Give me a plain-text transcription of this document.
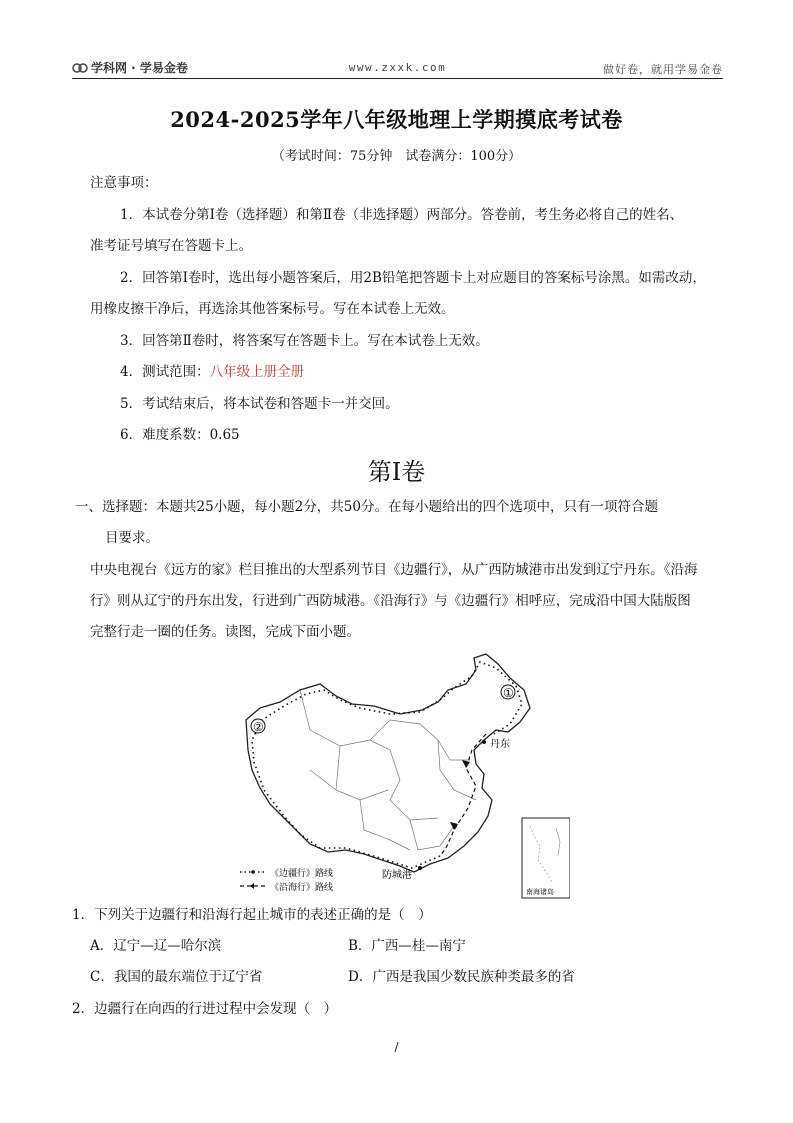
学科网 · 学易金卷	www.zxxk.com	做好卷，就用学易金卷
2024-2025学年八年级地理上学期摸底考试卷
（考试时间：75分钟　试卷满分：100分）
注意事项：
1．本试卷分第Ⅰ卷（选择题）和第Ⅱ卷（非选择题）两部分。答卷前，考生务必将自己的姓名、
准考证号填写在答题卡上。
2．回答第Ⅰ卷时，选出每小题答案后，用2B铅笔把答题卡上对应题目的答案标号涂黑。如需改动，
用橡皮擦干净后，再选涂其他答案标号。写在本试卷上无效。
3．回答第Ⅱ卷时，将答案写在答题卡上。写在本试卷上无效。
4．测试范围：八年级上册全册
5．考试结束后，将本试卷和答题卡一并交回。
6．难度系数：0.65
第Ⅰ卷
一、选择题：本题共25小题，每小题2分，共50分。在每小题给出的四个选项中，只有一项符合题
目要求。
中央电视台《远方的家》栏目推出的大型系列节目《边疆行》，从广西防城港市出发到辽宁丹东。《沿海
行》则从辽宁的丹东出发，行进到广西防城港。《沿海行》与《边疆行》相呼应，完成沿中国大陆版图
完整行走一圈的任务。读图，完成下面小题。
①
②
丹东
防城港
《边疆行》路线
《沿海行》路线	南海诸岛
1．下列关于边疆行和沿海行起止城市的表述正确的是（　）
A．辽宁—辽—哈尔滨	B．广西—桂—南宁
C．我国的最东端位于辽宁省	D．广西是我国少数民族种类最多的省
2．边疆行在向西的行进过程中会发现（　）
/
